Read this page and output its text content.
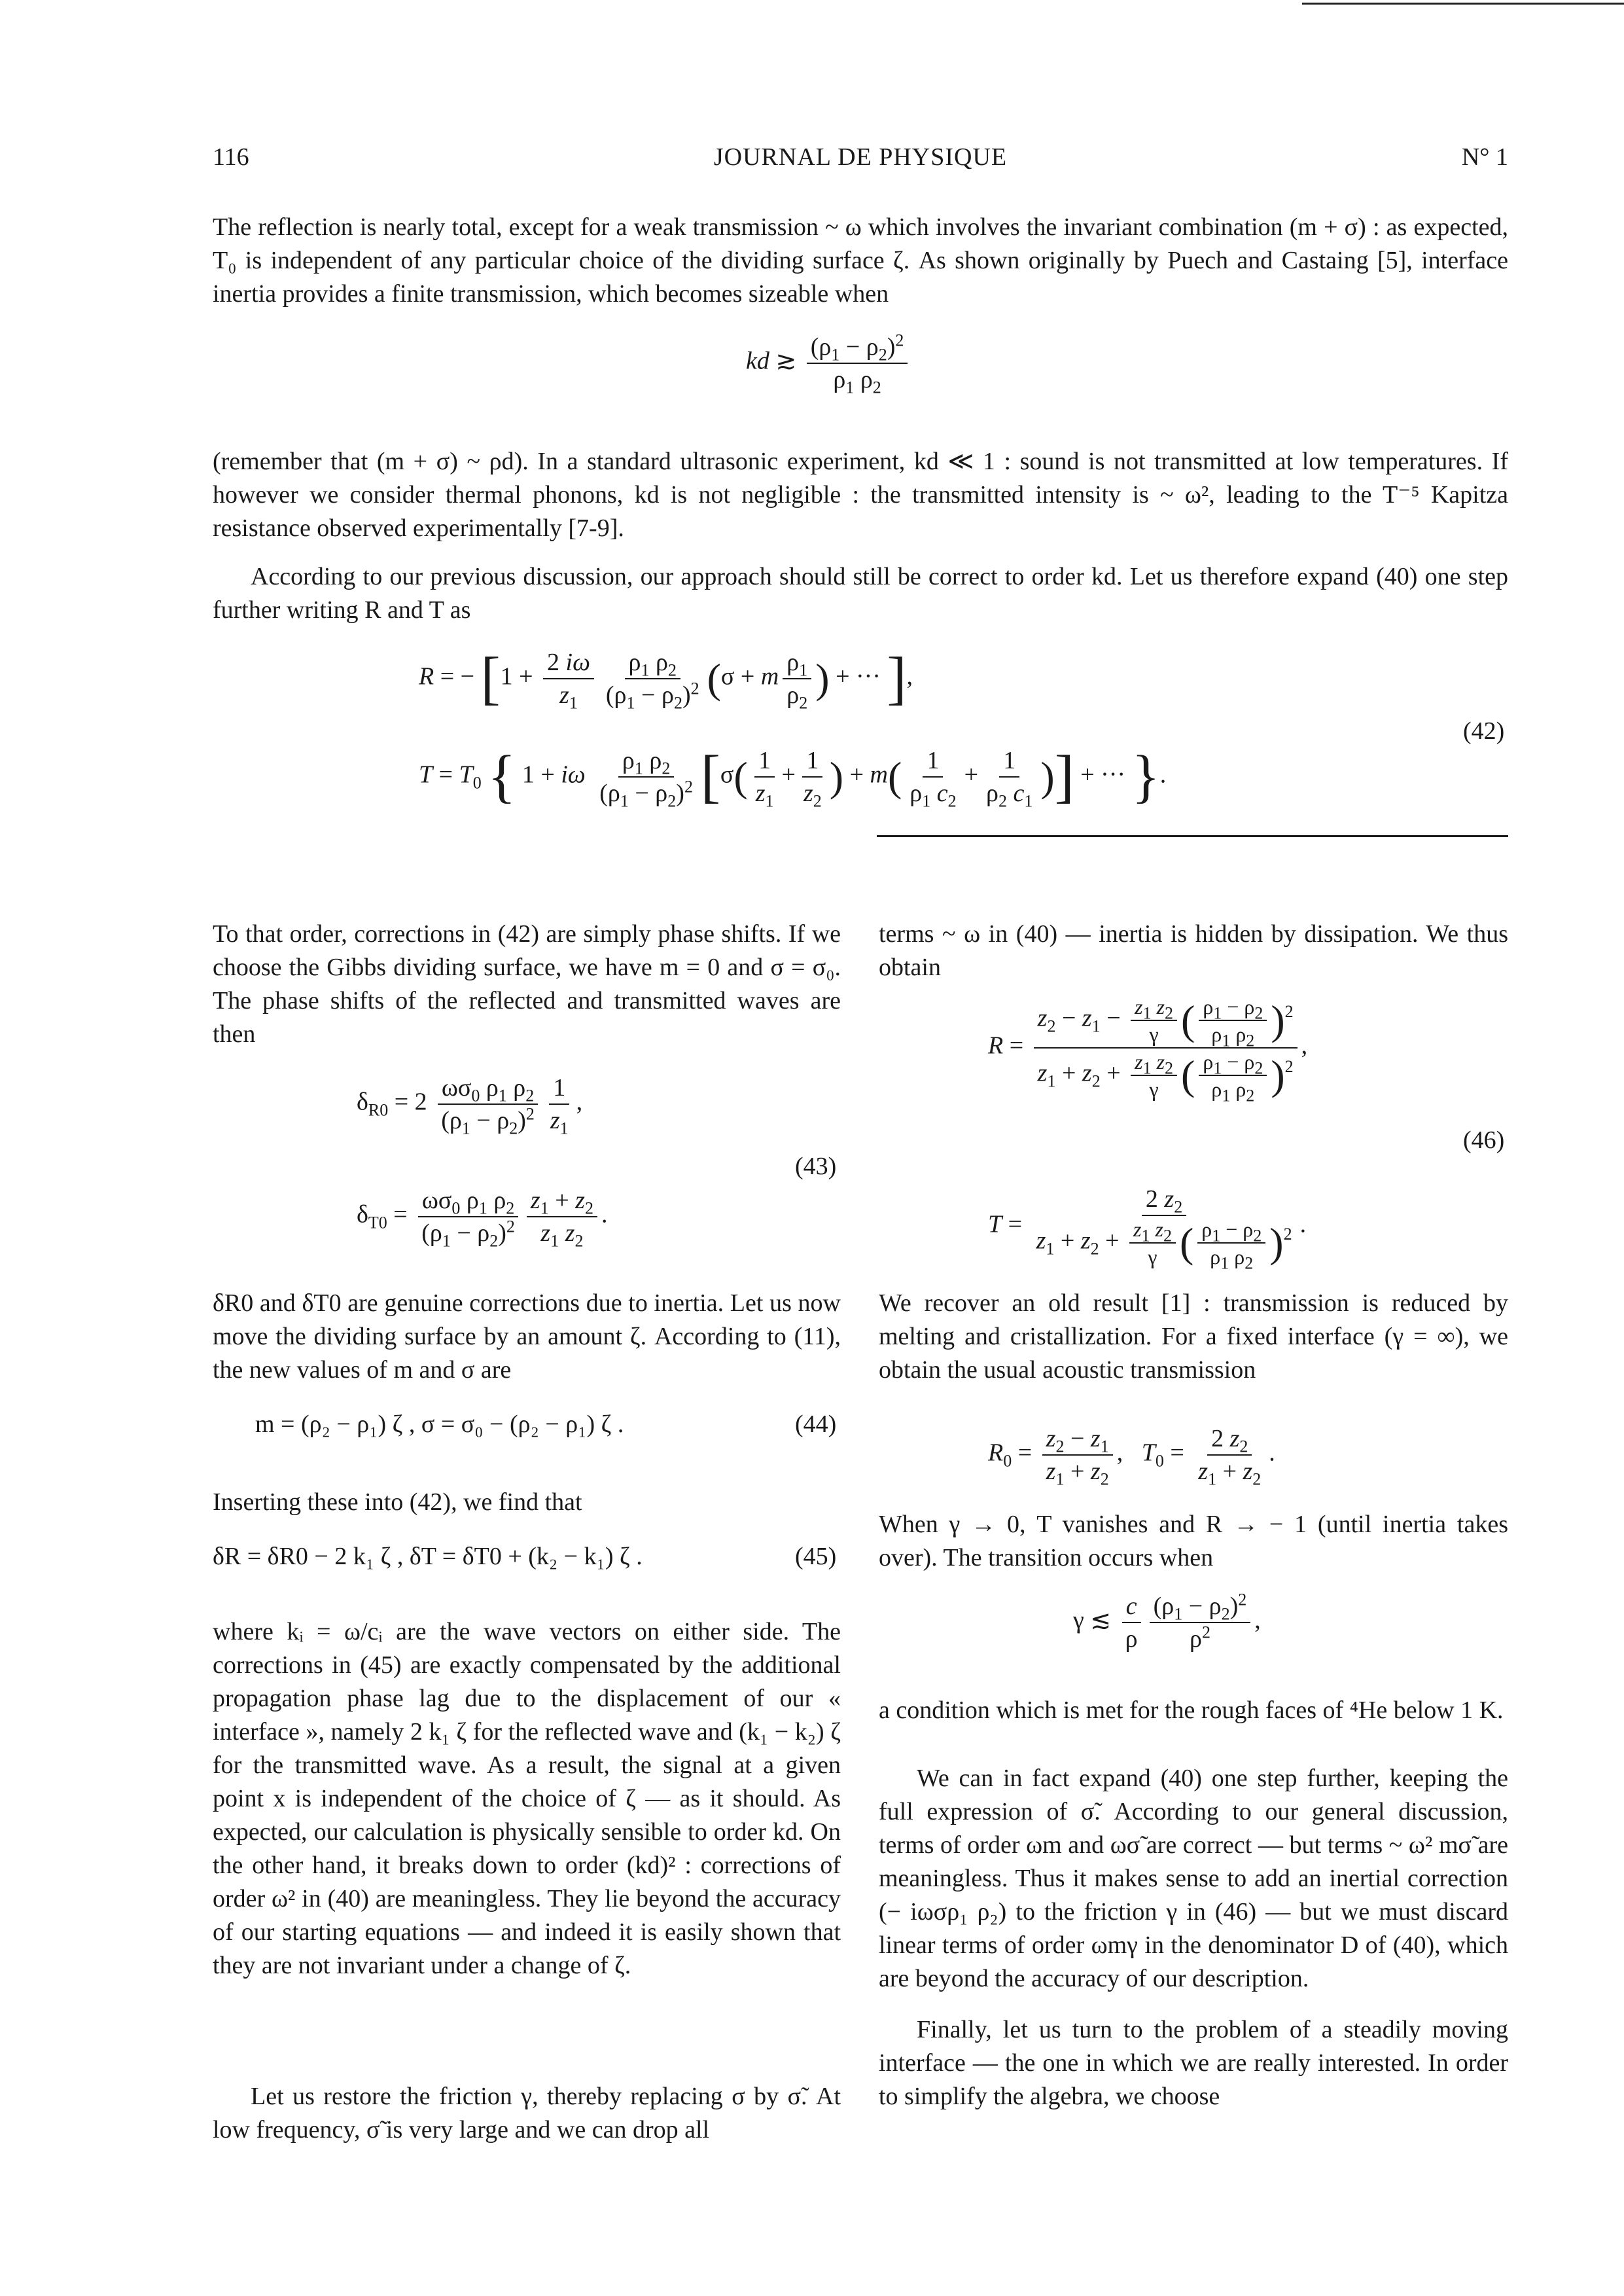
116	JOURNAL DE PHYSIQUE	N° 1

The reflection is nearly total, except for a weak transmission ~ ω which involves the invariant combination (m + σ) : as expected, T₀ is independent of any particular choice of the dividing surface ζ. As shown originally by Puech and Castaing [5], interface inertia provides a finite transmission, which becomes sizeable when

kd ≳ $\frac{(\rho_1 - \rho_2)^2}{\rho_1 \rho_2}$

(remember that (m + σ) ~ ρd). In a standard ultrasonic experiment, kd ≪ 1 : sound is not transmitted at low temperatures. If however we consider thermal phonons, kd is not negligible : the transmitted intensity is ~ ω², leading to the T⁻⁵ Kapitza resistance observed experimentally [7-9].

According to our previous discussion, our approach should still be correct to order kd. Let us therefore expand (40) one step further writing R and T as

R = − [$1 + \frac{2 i\omega}{z_1} \frac{\rho_1 \rho_2}{(\rho_1 - \rho_2)^2} (\sigma + m \frac{\rho_1}{\rho_2}$ ) + ··· ],
$T = T_0$ { 1 + iω $\frac{\rho_1 \rho_2}{(\rho_1 - \rho_2)^2} [\sigma( \frac{1}{z_1} + \frac{1}{z_2}$ ) + $m( \frac{1}{\rho_1 c_2} + \frac{1}{\rho_2 c_1}$ )] + ··· }.
(42)

To that order, corrections in (42) are simply phase shifts. If we choose the Gibbs dividing surface, we have m = 0 and σ = σ₀. The phase shifts of the reflected and transmitted waves are then

$\delta_{R0} = 2 \frac{\omega\sigma_0 \rho_1 \rho_2}{(\rho_1 - \rho_2)^2} \frac{1}{z_1}$ ,
$\delta_{T0} = \frac{\omega\sigma_0 \rho_1 \rho_2}{(\rho_1 - \rho_2)^2} \frac{z_1 + z_2}{z_1 z_2}$ .
(43)

δR0 and δT0 are genuine corrections due to inertia. Let us now move the dividing surface by an amount ζ. According to (11), the new values of m and σ are

m = (ρ₂ − ρ₁) ζ , σ = σ₀ − (ρ₂ − ρ₁) ζ .	(44)

Inserting these into (42), we find that

δR = δR0 − 2 k₁ ζ , δT = δT0 + (k₂ − k₁) ζ .	(45)

where kᵢ = ω/cᵢ are the wave vectors on either side. The corrections in (45) are exactly compensated by the additional propagation phase lag due to the displacement of our « interface », namely 2 k₁ ζ for the reflected wave and (k₁ − k₂) ζ for the transmitted wave. As a result, the signal at a given point x is independent of the choice of ζ — as it should. As expected, our calculation is physically sensible to order kd. On the other hand, it breaks down to order (kd)² : corrections of order ω² in (40) are meaningless. They lie beyond the accuracy of our starting equations — and indeed it is easily shown that they are not invariant under a change of ζ.

Let us restore the friction γ, thereby replacing σ by σ̃. At low frequency, σ̃ is very large and we can drop all

terms ~ ω in (40) — inertia is hidden by dissipation. We thus obtain

$R = \frac{z_2 - z_1 - \frac{z_1 z_2}{\gamma} ( \frac{\rho_1 - \rho_2}{\rho_1 \rho_2} )^2}{z_1 + z_2 + \frac{z_1 z_2}{\gamma} ( \frac{\rho_1 - \rho_2}{\rho_1 \rho_2} )^2}$ ,
$T = \frac{2 z_2}{z_1 + z_2 + \frac{z_1 z_2}{\gamma} ( \frac{\rho_1 - \rho_2}{\rho_1 \rho_2} )^2}$ .
(46)

We recover an old result [1] : transmission is reduced by melting and cristallization. For a fixed interface (γ = ∞), we obtain the usual acoustic transmission

$R_0 = \frac{z_2 - z_1}{z_1 + z_2}$ ,   $T_0 = \frac{2 z_2}{z_1 + z_2}$ .

When γ → 0, T vanishes and R → − 1 (until inertia takes over). The transition occurs when

γ ≲ $\frac{c}{\rho} \frac{(\rho_1 - \rho_2)^2}{\rho^2}$ ,

a condition which is met for the rough faces of ⁴He below 1 K.

We can in fact expand (40) one step further, keeping the full expression of σ̃. According to our general discussion, terms of order ωm and ωσ̃ are correct — but terms ~ ω² mσ̃ are meaningless. Thus it makes sense to add an inertial correction (− iωσρ₁ ρ₂) to the friction γ in (46) — but we must discard linear terms of order ωmγ in the denominator D of (40), which are beyond the accuracy of our description.

Finally, let us turn to the problem of a steadily moving interface — the one in which we are really interested. In order to simplify the algebra, we choose
